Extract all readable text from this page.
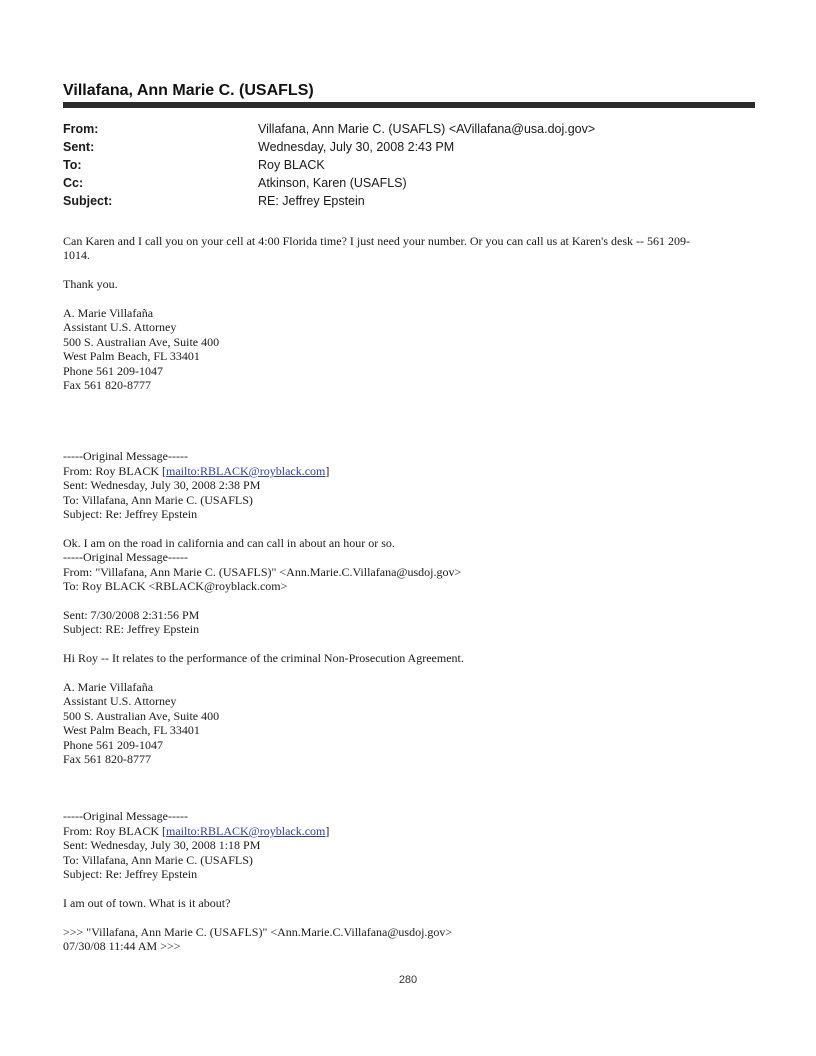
Villafana, Ann Marie C. (USAFLS)
From:
Sent:
To:
Cc:
Subject:
Villafana, Ann Marie C. (USAFLS) <AVillafana@usa.doj.gov>
Wednesday, July 30, 2008 2:43 PM
Roy BLACK
Atkinson, Karen (USAFLS)
RE: Jeffrey Epstein

Can Karen and I call you on your cell at 4:00 Florida time? I just need your number. Or you can call us at Karen's desk -- 561 209-

1014.

Thank you.

A. Marie Villafaña

Assistant U.S. Attorney

500 S. Australian Ave, Suite 400

West Palm Beach, FL 33401

Phone 561 209-1047

Fax 561 820-8777

-----Original Message-----

From: Roy BLACK [mailto:RBLACK@royblack.com]

Sent: Wednesday, July 30, 2008 2:38 PM

To: Villafana, Ann Marie C. (USAFLS)

Subject: Re: Jeffrey Epstein

Ok. I am on the road in california and can call in about an hour or so.

-----Original Message-----

From: "Villafana, Ann Marie C. (USAFLS)" <Ann.Marie.C.Villafana@usdoj.gov>

To: Roy BLACK <RBLACK@royblack.com>

Sent: 7/30/2008 2:31:56 PM

Subject: RE: Jeffrey Epstein

Hi Roy -- It relates to the performance of the criminal Non-Prosecution Agreement.

A. Marie Villafaña

Assistant U.S. Attorney

500 S. Australian Ave, Suite 400

West Palm Beach, FL 33401

Phone 561 209-1047

Fax 561 820-8777

-----Original Message-----

From: Roy BLACK [mailto:RBLACK@royblack.com]

Sent: Wednesday, July 30, 2008 1:18 PM

To: Villafana, Ann Marie C. (USAFLS)

Subject: Re: Jeffrey Epstein

I am out of town. What is it about?

>>> "Villafana, Ann Marie C. (USAFLS)" <Ann.Marie.C.Villafana@usdoj.gov>

07/30/08 11:44 AM >>>

280
